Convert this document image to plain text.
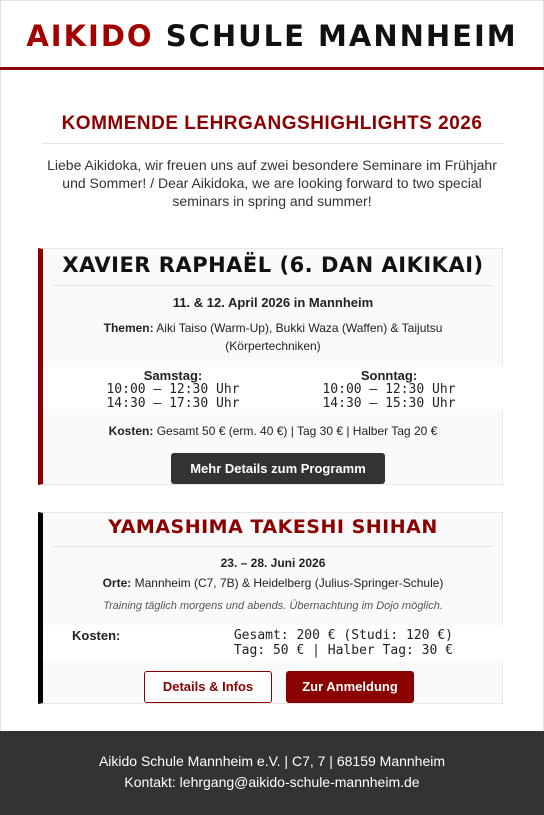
AIKIDO SCHULE MANNHEIM
KOMMENDE LEHRGANGSHIGHLIGHTS 2026
Liebe Aikidoka, wir freuen uns auf zwei besondere Seminare im Frühjahr
und Sommer! / Dear Aikidoka, we are looking forward to two special
seminars in spring and summer!
XAVIER RAPHAËL (6. DAN AIKIKAI)
11. & 12. April 2026 in Mannheim
Themen: Aiki Taiso (Warm-Up), Bukki Waza (Waffen) & Taijutsu
(Körpertechniken)
Samstag:
10:00 – 12:30 Uhr
14:30 – 17:30 Uhr
Sonntag:
10:00 – 12:30 Uhr
14:30 – 15:30 Uhr
Kosten: Gesamt 50 € (erm. 40 €) | Tag 30 € | Halber Tag 20 €
Mehr Details zum Programm
YAMASHIMA TAKESHI SHIHAN
23. – 28. Juni 2026
Orte: Mannheim (C7, 7B) & Heidelberg (Julius-Springer-Schule)
Training täglich morgens und abends. Übernachtung im Dojo möglich.
Kosten:	Gesamt: 200 € (Studi: 120 €)
Tag: 50 € | Halber Tag: 30 €
Details & Infos	Zur Anmeldung
Aikido Schule Mannheim e.V. | C7, 7 | 68159 Mannheim
Kontakt: lehrgang@aikido-schule-mannheim.de
